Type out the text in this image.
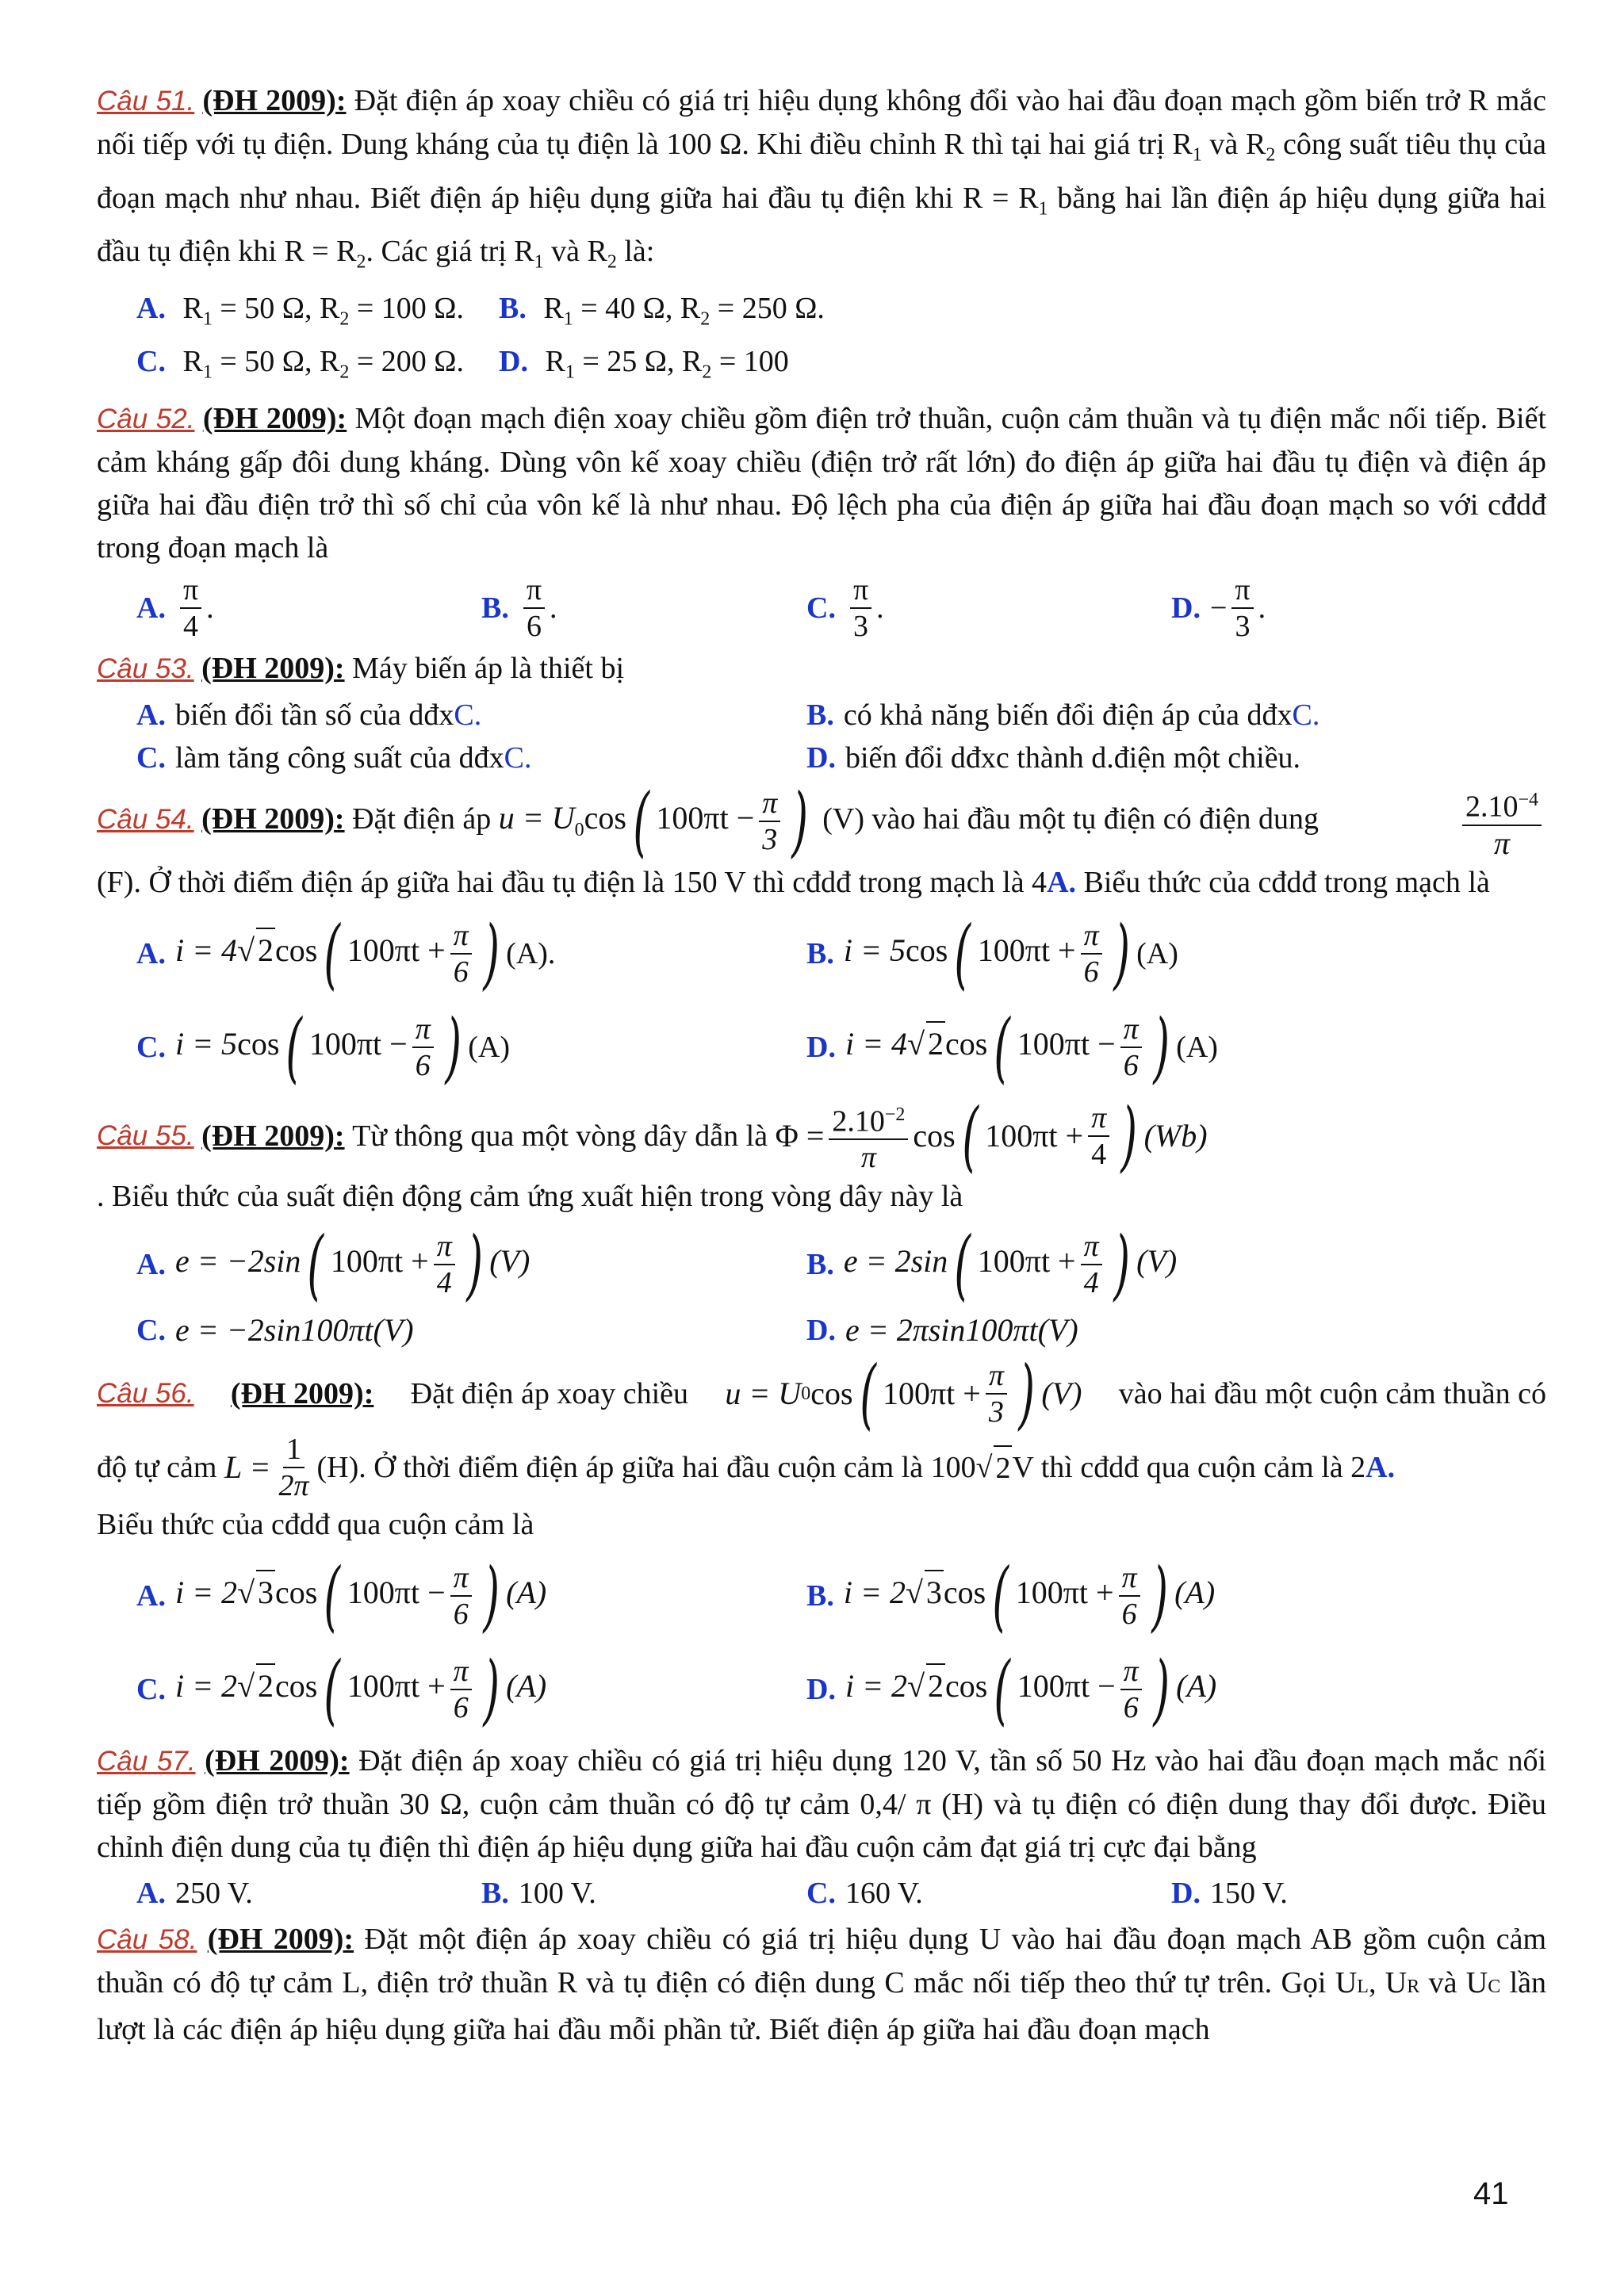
Câu 51. (ĐH 2009): Đặt điện áp xoay chiều có giá trị hiệu dụng không đổi vào hai đầu đoạn mạch gồm biến trở R mắc nối tiếp với tụ điện. Dung kháng của tụ điện là 100 Ω. Khi điều chỉnh R thì tại hai giá trị $R_1$ và $R_2$ công suất tiêu thụ của đoạn mạch như nhau. Biết điện áp hiệu dụng giữa hai đầu tụ điện khi $R = R_1$ bằng hai lần điện áp hiệu dụng giữa hai đầu tụ điện khi $R = R_2$. Các giá trị $R_1$ và $R_2$ là:

A. $R_1 = 50$ Ω, $R_2 = 100$ Ω. B. $R_1 = 40$ Ω, $R_2 = 250$ Ω.
C. $R_1 = 50$ Ω, $R_2 = 200$ Ω. D. $R_1 = 25$ Ω, $R_2 = 100$

Câu 52. (ĐH 2009): Một đoạn mạch điện xoay chiều gồm điện trở thuần, cuộn cảm thuần và tụ điện mắc nối tiếp. Biết cảm kháng gấp đôi dung kháng. Dùng vôn kế xoay chiều (điện trở rất lớn) đo điện áp giữa hai đầu tụ điện và điện áp giữa hai đầu điện trở thì số chỉ của vôn kế là như nhau. Độ lệch pha của điện áp giữa hai đầu đoạn mạch so với cđdđ trong đoạn mạch là

A. $\frac{\pi}{4}$ .	B. $\frac{\pi}{6}$ .	C. $\frac{\pi}{3}$ .	D. − $\frac{\pi}{3}$ .

Câu 53. (ĐH 2009): Máy biến áp là thiết bị

A. biến đổi tần số của dđx C.	B. có khả năng biến đổi điện áp của dđx C.
C. làm tăng công suất của dđx C.	D. biến đổi dđxc thành d.điện một chiều.

Câu 54. (ĐH 2009): Đặt điện áp $u = U_0\cos$( $100\pi t - \frac{\pi}{3}$ ) (V) vào hai đầu một tụ điện có điện dung	$\frac{2.10^{-4}}{\pi}$

(F). Ở thời điểm điện áp giữa hai đầu tụ điện là 150 V thì cđdđ trong mạch là 4A. Biểu thức của cđdđ trong mạch là

A. i = 4√ 2cos( $100\pi t + \frac{\pi}{6}$ ) (A).	B. i = 5cos( $100\pi t + \frac{\pi}{6}$ ) (A)
C. i = 5cos( $100\pi t - \frac{\pi}{6}$ ) (A)	D. i = 4√ 2cos( $100\pi t - \frac{\pi}{6}$ ) (A)

Câu 55.
(ĐH 2009):
Từ thông qua một vòng dây dẫn là
$\Phi = \frac{2.10^{-2}}{\pi}$ cos ( $100\pi t + \frac{\pi}{4}$ ) (Wb)
. Biểu thức của suất điện động cảm ứng xuất hiện trong vòng dây này là

A. e = −2sin( $100\pi t + \frac{\pi}{4}$ ) (V)	B. e = 2sin( $100\pi t + \frac{\pi}{4}$ ) (V)
C. e = −2sin100πt(V)	D. e = 2πsin100πt(V)

Câu 56. (ĐH 2009): Đặt điện áp xoay chiều u = U 0 cos ( $100\pi t + \frac{\pi}{3}$ ) (V) vào hai đầu một cuộn cảm thuần có

độ tự cảm
$L = \frac{1}{2\pi} (H)$. Ở thời điểm điện áp giữa hai đầu cuộn cảm là 100 √ 2 V thì cđdđ qua cuộn cảm là 2 A.

Biểu thức của cđdđ qua cuộn cảm là

A. i = 2√ 3cos( $100\pi t - \frac{\pi}{6}$ ) (A)	B. i = 2√ 3cos( $100\pi t + \frac{\pi}{6}$ ) (A)
C. i = 2√ 2cos( $100\pi t + \frac{\pi}{6}$ ) (A)	D. i = 2√ 2cos( $100\pi t - \frac{\pi}{6}$ ) (A)

Câu 57. (ĐH 2009): Đặt điện áp xoay chiều có giá trị hiệu dụng 120 V, tần số 50 Hz vào hai đầu đoạn mạch mắc nối tiếp gồm điện trở thuần 30 Ω, cuộn cảm thuần có độ tự cảm 0,4/ π (H) và tụ điện có điện dung thay đổi được. Điều chỉnh điện dung của tụ điện thì điện áp hiệu dụng giữa hai đầu cuộn cảm đạt giá trị cực đại bằng

A. 250 V.	B. 100 V.	C. 160 V.	D. 150 V.

Câu 58. (ĐH 2009): Đặt một điện áp xoay chiều có giá trị hiệu dụng U vào hai đầu đoạn mạch AB gồm cuộn cảm thuần có độ tự cảm L, điện trở thuần R và tụ điện có điện dung C mắc nối tiếp theo thứ tự trên. Gọi UL, UR và UC lần lượt là các điện áp hiệu dụng giữa hai đầu mỗi phần tử. Biết điện áp giữa hai đầu đoạn mạch

41
